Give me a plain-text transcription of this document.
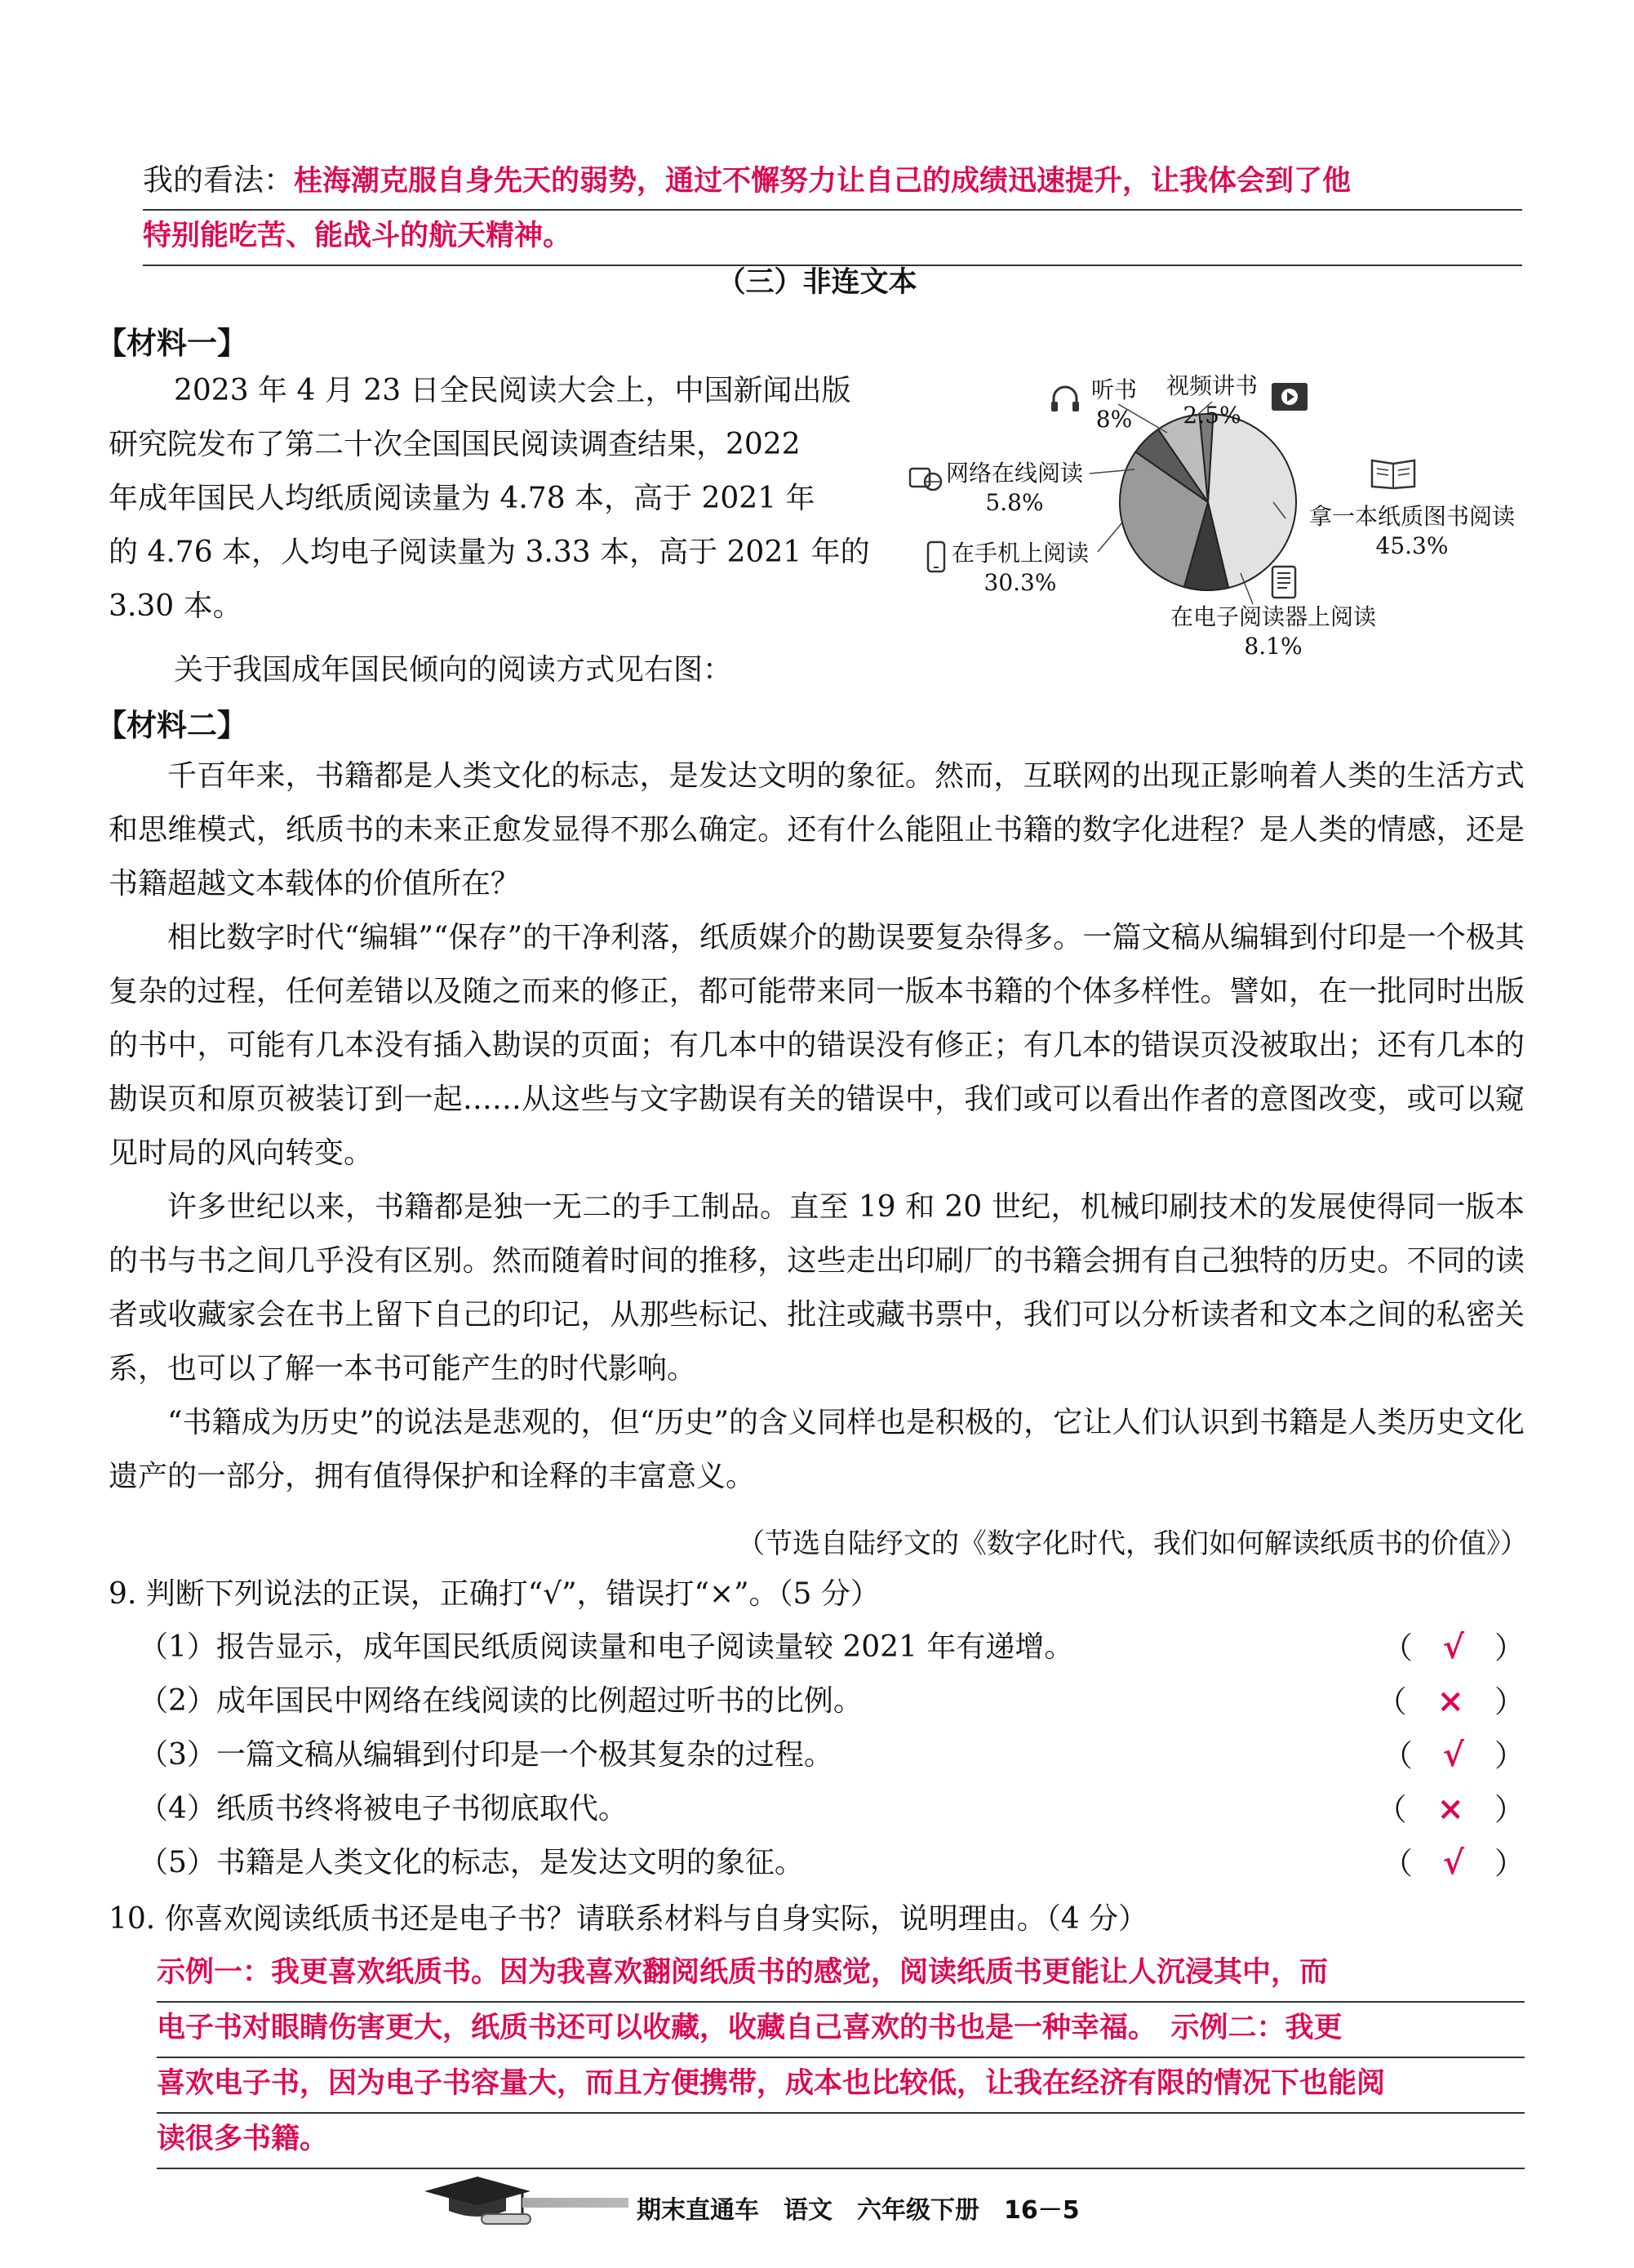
我的看法：桂海潮克服自身先天的弱势，通过不懈努力让自己的成绩迅速提升，让我体会到了他
特别能吃苦、能战斗的航天精神。
（三）非连文本
【材料一】
2023 年 4 月 23 日全民阅读大会上，中国新闻出版
研究院发布了第二十次全国国民阅读调查结果，2022
年成年国民人均纸质阅读量为 4.78 本，高于 2021 年
的 4.76 本，人均电子阅读量为 3.33 本，高于 2021 年的
3.30 本。
关于我国成年国民倾向的阅读方式见右图：
听书
8%
视频讲书
2.5%
网络在线阅读
5.8%
在手机上阅读
30.3%
拿一本纸质图书阅读
45.3%
在电子阅读器上阅读
8.1%
【材料二】

千百年来，书籍都是人类文化的标志，是发达文明的象征。然而，互联网的出现正影响着人类的生活方式和思维模式，纸质书的未来正愈发显得不那么确定。还有什么能阻止书籍的数字化进程？是人类的情感，还是书籍超越文本载体的价值所在？

相比数字时代“编辑”“保存”的干净利落，纸质媒介的勘误要复杂得多。一篇文稿从编辑到付印是一个极其复杂的过程，任何差错以及随之而来的修正，都可能带来同一版本书籍的个体多样性。譬如，在一批同时出版的书中，可能有几本没有插入勘误的页面；有几本中的错误没有修正；有几本的错误页没被取出；还有几本的勘误页和原页被装订到一起……从这些与文字勘误有关的错误中，我们或可以看出作者的意图改变，或可以窥见时局的风向转变。

许多世纪以来，书籍都是独一无二的手工制品。直至 19 和 20 世纪，机械印刷技术的发展使得同一版本的书与书之间几乎没有区别。然而随着时间的推移，这些走出印刷厂的书籍会拥有自己独特的历史。不同的读者或收藏家会在书上留下自己的印记，从那些标记、批注或藏书票中，我们可以分析读者和文本之间的私密关系，也可以了解一本书可能产生的时代影响。

“书籍成为历史”的说法是悲观的，但“历史”的含义同样也是积极的，它让人们认识到书籍是人类历史文化遗产的一部分，拥有值得保护和诠释的丰富意义。

（节选自陆纾文的《数字化时代，我们如何解读纸质书的价值》）
9. 判断下列说法的正误，正确打“√”，错误打“×”。（5 分）
（1）报告显示，成年国民纸质阅读量和电子阅读量较 2021 年有递增。	（　√　）
（2）成年国民中网络在线阅读的比例超过听书的比例。	（　×　）
（3）一篇文稿从编辑到付印是一个极其复杂的过程。	（　√　）
（4）纸质书终将被电子书彻底取代。	（　×　）
（5）书籍是人类文化的标志，是发达文明的象征。	（　√　）
10. 你喜欢阅读纸质书还是电子书？请联系材料与自身实际，说明理由。（4 分）
示例一：我更喜欢纸质书。因为我喜欢翻阅纸质书的感觉，阅读纸质书更能让人沉浸其中，而
电子书对眼睛伤害更大，纸质书还可以收藏，收藏自己喜欢的书也是一种幸福。　示例二：我更
喜欢电子书，因为电子书容量大，而且方便携带，成本也比较低，让我在经济有限的情况下也能阅
读很多书籍。
期末直通车　语文　六年级下册　16－5
